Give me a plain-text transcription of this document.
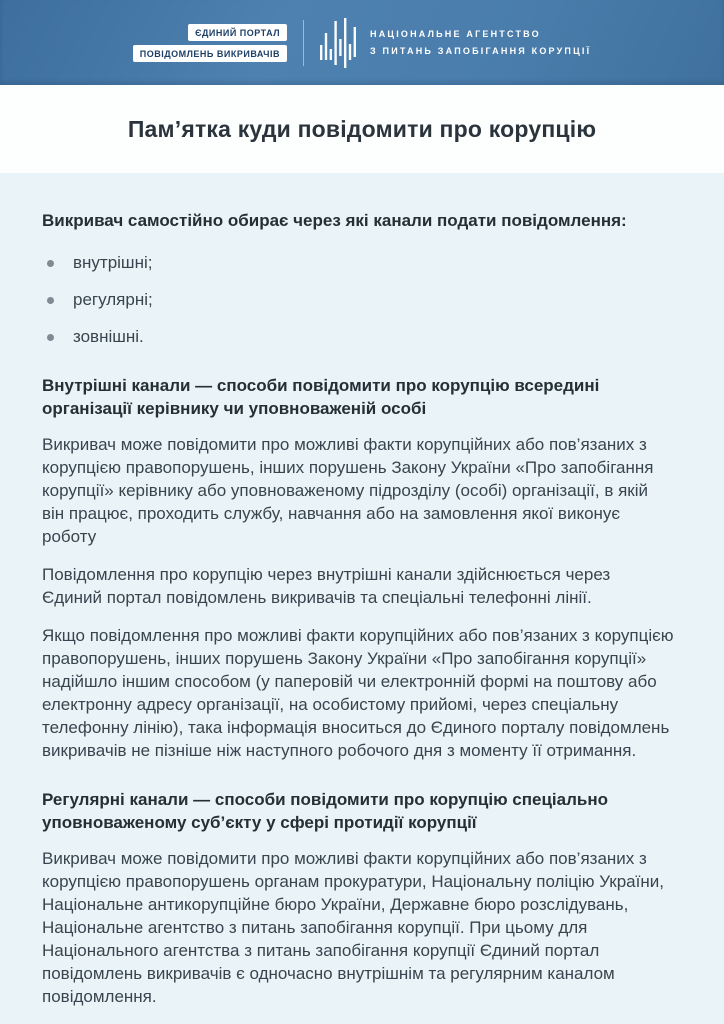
ЄДИНИЙ ПОРТАЛ
ПОВІДОМЛЕНЬ ВИКРИВАЧІВ
НАЦІОНАЛЬНЕ АГЕНТСТВО
З ПИТАНЬ ЗАПОБІГАННЯ КОРУПЦІЇ
Пам’ятка куди повідомити про корупцію

Викривач самостійно обирає через які канали подати повідомлення:

внутрішні;
регулярні;
зовнішні.
Внутрішні канали — способи повідомити про корупцію всередині організації керівнику чи уповноваженій особі

Викривач може повідомити про можливі факти корупційних або пов’язаних з корупцією правопорушень, інших порушень Закону України «Про запобігання корупції» керівнику або уповноваженому підрозділу (особі) організації, в якій він працює, проходить службу, навчання або на замовлення якої виконує роботу

Повідомлення про корупцію через внутрішні канали здійснюється через Єдиний портал повідомлень викривачів та спеціальні телефонні лінії.

Якщо повідомлення про можливі факти корупційних або пов’язаних з корупцією правопорушень, інших порушень Закону України «Про запобігання корупції» надійшло іншим способом (у паперовій чи електронній формі на поштову або електронну адресу організації, на особистому прийомі, через спеціальну телефонну лінію), така інформація вноситься до Єдиного порталу повідомлень викривачів не пізніше ніж наступного робочого дня з моменту її отримання.

Регулярні канали — способи повідомити про корупцію спеціально уповноваженому суб’єкту у сфері протидії корупції

Викривач може повідомити про можливі факти корупційних або пов’язаних з корупцією правопорушень органам прокуратури, Національну поліцію України, Національне антикорупційне бюро України, Державне бюро розслідувань, Національне агентство з питань запобігання корупції. При цьому для Національного агентства з питань запобігання корупції Єдиний портал повідомлень викривачів є одночасно внутрішнім та регулярним каналом повідомлення.
